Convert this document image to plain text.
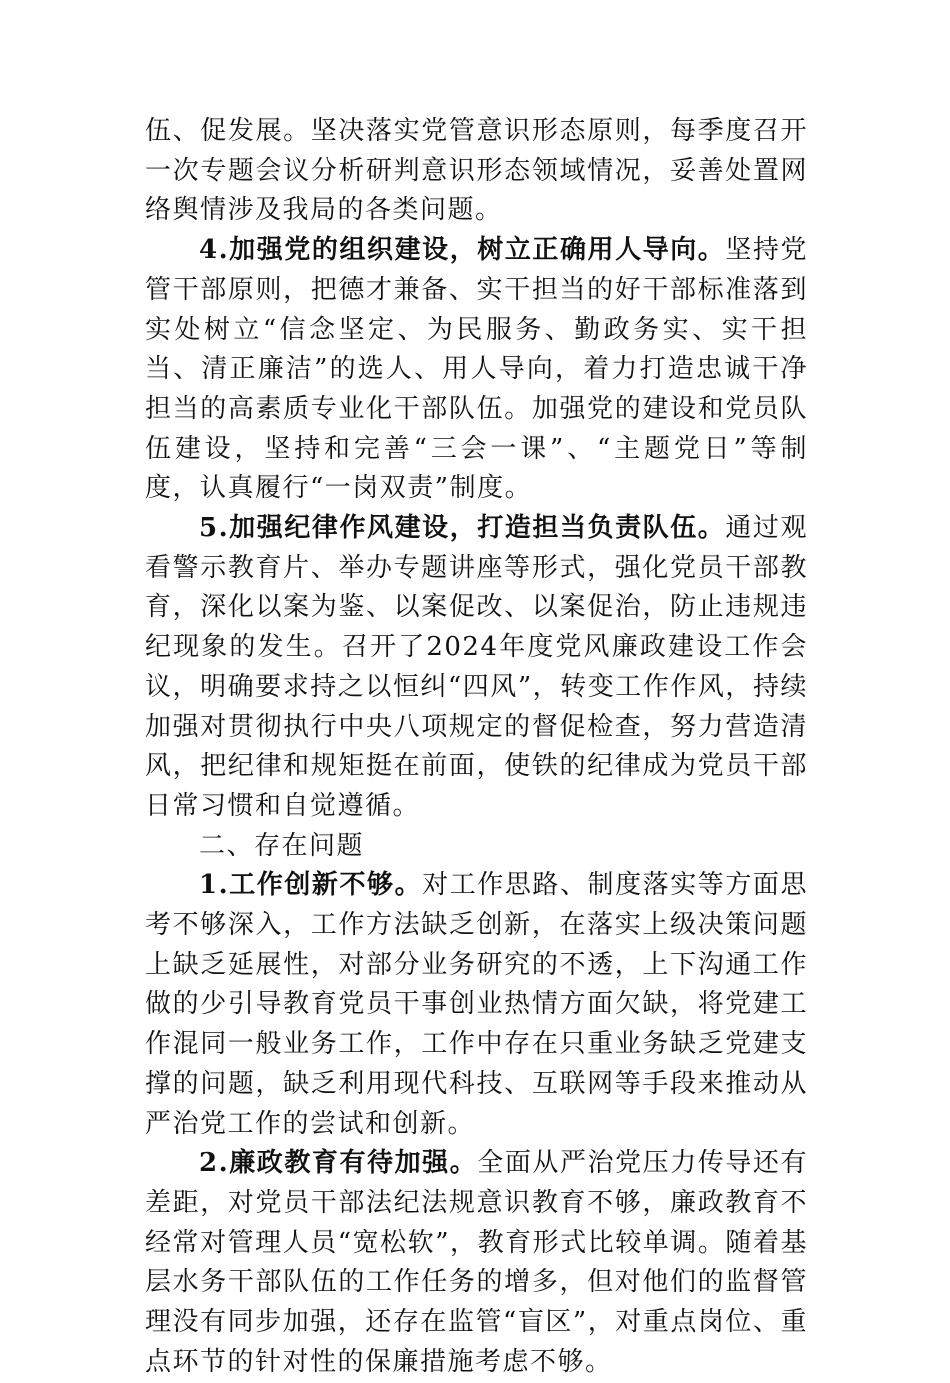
伍、促发展。坚决落实党管意识形态原则，每季度召开一次专题会议分析研判意识形态领域情况，妥善处置网络舆情涉及我局的各类问题。

4.加强党的组织建设，树立正确用人导向。坚持党管干部原则，把德才兼备、实干担当的好干部标准落到实处树立“信念坚定、为民服务、勤政务实、实干担当、清正廉洁”的选人、用人导向，着力打造忠诚干净担当的高素质专业化干部队伍。加强党的建设和党员队伍建设，坚持和完善“三会一课”、“主题党日”等制度，认真履行“一岗双责”制度。

5.加强纪律作风建设，打造担当负责队伍。通过观看警示教育片、举办专题讲座等形式，强化党员干部教育，深化以案为鉴、以案促改、以案促治，防止违规违纪现象的发生。召开了2024年度党风廉政建设工作会议，明确要求持之以恒纠“四风”，转变工作作风，持续加强对贯彻执行中央八项规定的督促检查，努力营造清风，把纪律和规矩挺在前面，使铁的纪律成为党员干部日常习惯和自觉遵循。

二、存在问题

1.工作创新不够。对工作思路、制度落实等方面思考不够深入，工作方法缺乏创新，在落实上级决策问题上缺乏延展性，对部分业务研究的不透，上下沟通工作做的少引导教育党员干事创业热情方面欠缺，将党建工作混同一般业务工作，工作中存在只重业务缺乏党建支撑的问题，缺乏利用现代科技、互联网等手段来推动从严治党工作的尝试和创新。

2.廉政教育有待加强。全面从严治党压力传导还有差距，对党员干部法纪法规意识教育不够，廉政教育不经常对管理人员“宽松软”，教育形式比较单调。随着基层水务干部队伍的工作任务的增多，但对他们的监督管理没有同步加强，还存在监管“盲区”，对重点岗位、重点环节的针对性的保廉措施考虑不够。
